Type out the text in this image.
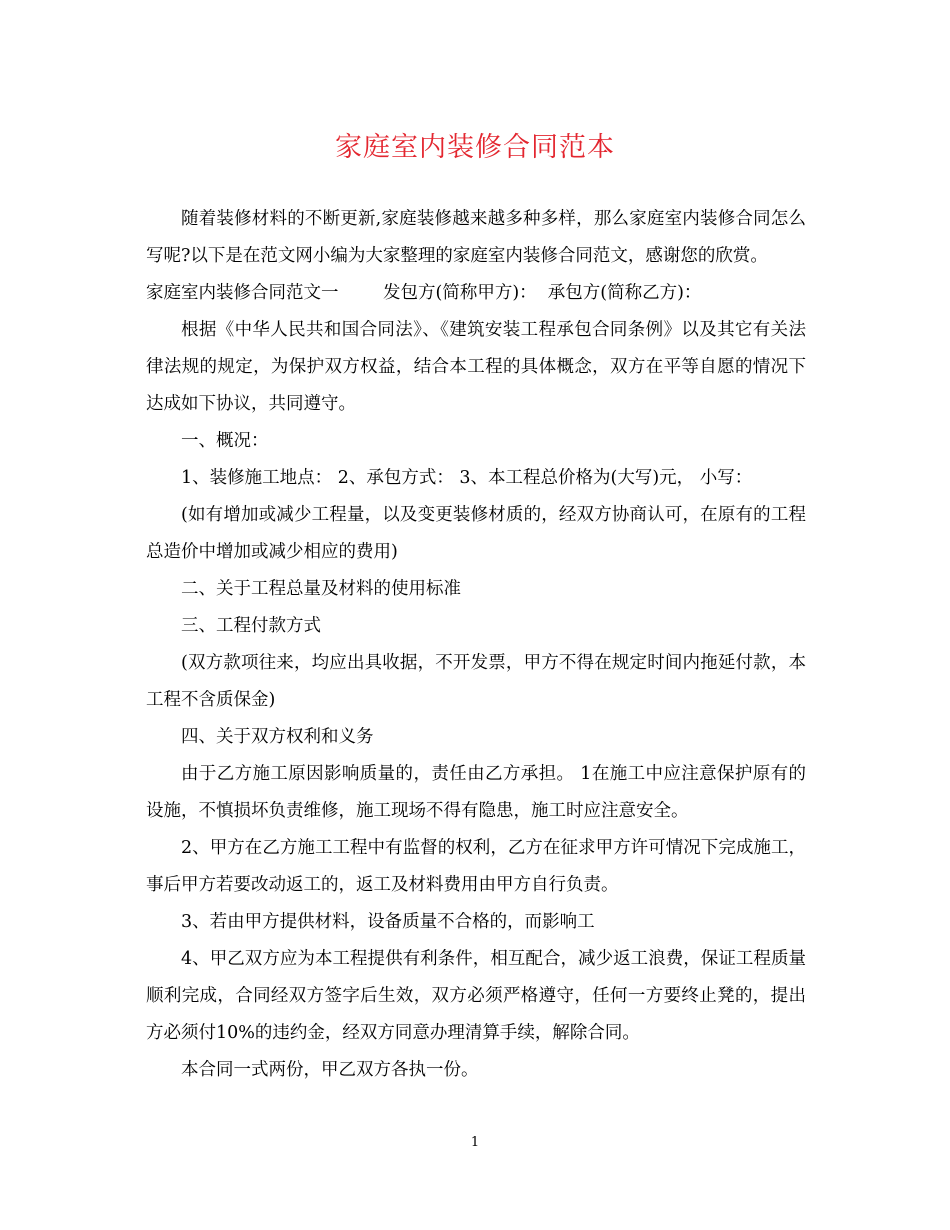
家庭室内装修合同范本

随着装修材料的不断更新,家庭装修越来越多种多样，那么家庭室内装修合同怎么写呢?以下是在范文网小编为大家整理的家庭室内装修合同范文，感谢您的欣赏。

家庭室内装修合同范文一        发包方(简称甲方)：  承包方(简称乙方)：

根据《中华人民共和国合同法》、《建筑安装工程承包合同条例》以及其它有关法律法规的规定，为保护双方权益，结合本工程的具体概念，双方在平等自愿的情况下达成如下协议，共同遵守。

一、概况：

1、装修施工地点： 2、承包方式： 3、本工程总价格为(大写)元， 小写：

(如有增加或减少工程量，以及变更装修材质的，经双方协商认可，在原有的工程总造价中增加或减少相应的费用)

二、关于工程总量及材料的使用标准

三、工程付款方式

(双方款项往来，均应出具收据，不开发票，甲方不得在规定时间内拖延付款，本工程不含质保金)

四、关于双方权利和义务

由于乙方施工原因影响质量的，责任由乙方承担。 1在施工中应注意保护原有的设施，不慎损坏负责维修，施工现场不得有隐患，施工时应注意安全。

2、甲方在乙方施工工程中有监督的权利，乙方在征求甲方许可情况下完成施工，事后甲方若要改动返工的，返工及材料费用由甲方自行负责。

3、若由甲方提供材料，设备质量不合格的，而影响工

4、甲乙双方应为本工程提供有利条件，相互配合，减少返工浪费，保证工程质量顺利完成，合同经双方签字后生效，双方必须严格遵守，任何一方要终止凳的，提出方必须付10%的违约金，经双方同意办理清算手续，解除合同。

本合同一式两份，甲乙双方各执一份。

1
